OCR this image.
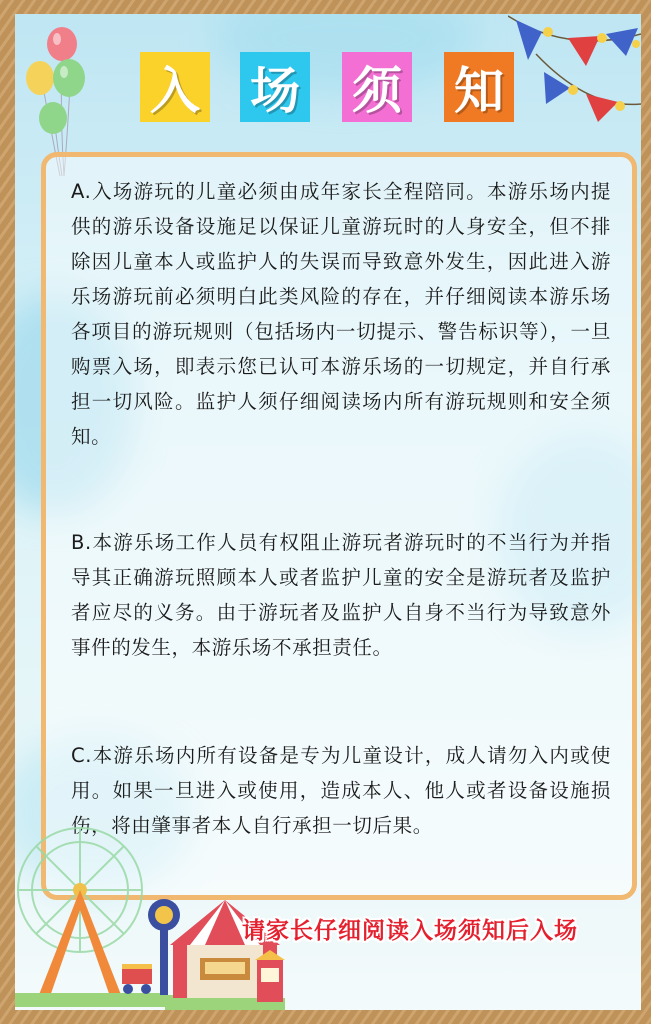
入 场 须 知
A.入场游玩的儿童必须由成年家长全程陪同。本游乐场内提供的游乐设备设施足以保证儿童游玩时的人身安全，但不排除因儿童本人或监护人的失误而导致意外发生，因此进入游乐场游玩前必须明白此类风险的存在，并仔细阅读本游乐场各项目的游玩规则（包括场内一切提示、警告标识等），一旦购票入场，即表示您已认可本游乐场的一切规定，并自行承担一切风险。监护人须仔细阅读场内所有游玩规则和安全须知。
B.本游乐场工作人员有权阻止游玩者游玩时的不当行为并指导其正确游玩照顾本人或者监护儿童的安全是游玩者及监护者应尽的义务。由于游玩者及监护人自身不当行为导致意外事件的发生，本游乐场不承担责任。
C.本游乐场内所有设备是专为儿童设计，成人请勿入内或使用。如果一旦进入或使用，造成本人、他人或者设备设施损伤，将由肇事者本人自行承担一切后果。
请家长仔细阅读入场须知后入场
